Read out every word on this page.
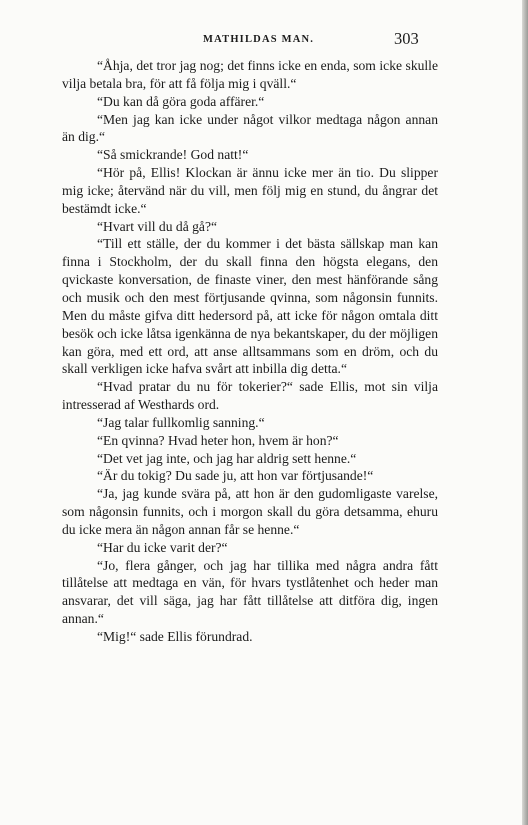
MATHILDAS MAN.	303

“Åhja, det tror jag nog; det finns icke en enda, som icke skulle vilja betala bra, för att få följa mig i qväll.“

“Du kan då göra goda affärer.“

“Men jag kan icke under något vilkor medtaga någon annan än dig.“

“Så smickrande! God natt!“

“Hör på, Ellis! Klockan är ännu icke mer än tio. Du slipper mig icke; återvänd när du vill, men följ mig en stund, du ångrar det bestämdt icke.“

“Hvart vill du då gå?“

“Till ett ställe, der du kommer i det bästa sällskap man kan finna i Stockholm, der du skall finna den högsta elegans, den qvickaste konversation, de finaste viner, den mest hänförande sång och musik och den mest förtjusande qvinna, som någonsin funnits. Men du måste gifva ditt hedersord på, att icke för någon omtala ditt besök och icke låtsa igenkänna de nya bekantskaper, du der möjligen kan göra, med ett ord, att anse alltsammans som en dröm, och du skall verkligen icke hafva svårt att inbilla dig detta.“

“Hvad pratar du nu för tokerier?“ sade Ellis, mot sin vilja intresserad af Westhards ord.

“Jag talar fullkomlig sanning.“

“En qvinna? Hvad heter hon, hvem är hon?“

“Det vet jag inte, och jag har aldrig sett henne.“

“Är du tokig? Du sade ju, att hon var förtjusande!“

“Ja, jag kunde svära på, att hon är den gudomligaste varelse, som någonsin funnits, och i morgon skall du göra detsamma, ehuru du icke mera än någon annan får se henne.“

“Har du icke varit der?“

“Jo, flera gånger, och jag har tillika med några andra fått tillåtelse att medtaga en vän, för hvars tystlåtenhet och heder man ansvarar, det vill säga, jag har fått tillåtelse att ditföra dig, ingen annan.“

“Mig!“ sade Ellis förundrad.
